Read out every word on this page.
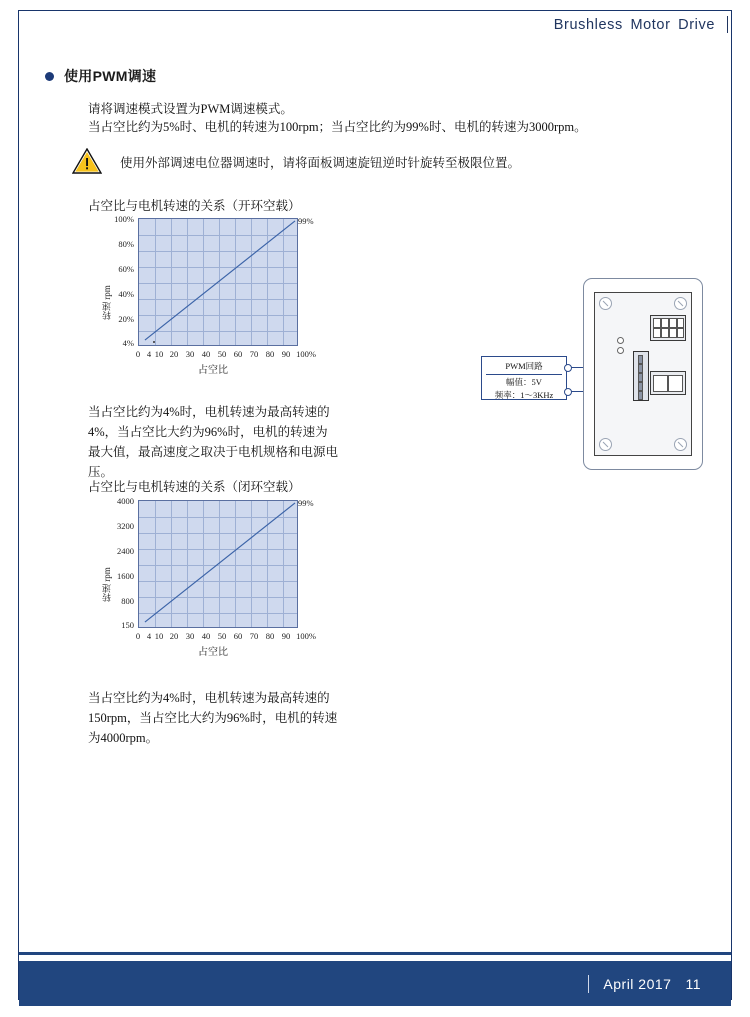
Brushless Motor Drive
使用PWM调速
请将调速模式设置为PWM调速模式。
当占空比约为5%时、电机的转速为100rpm；当占空比约为99%时、电机的转速为3000rpm。
使用外部调速电位器调速时，请将面板调速旋钮逆时针旋转至极限位置。
占空比与电机转速的关系（开环空载）
转速 rpm
100%
80%
60%
40%
20%
4%
99%
0 4 10 20 30 40 50 60 70 80 90 100%
占空比
当占空比约为4%时，电机转速为最高转速的4%，当占空比大约为96%时，电机的转速为最大值，最高速度之取决于电机规格和电源电压。
占空比与电机转速的关系（闭环空载）
转速 rpm
4000
3200
2400
1600
800
150
99%
0 4 10 20 30 40 50 60 70 80 90 100%
占空比
当占空比约为4%时，电机转速为最高转速的150rpm，当占空比大约为96%时，电机的转速为4000rpm。
PWM回路
幅值：5V
频率：1～3KHz
April 2017 11
